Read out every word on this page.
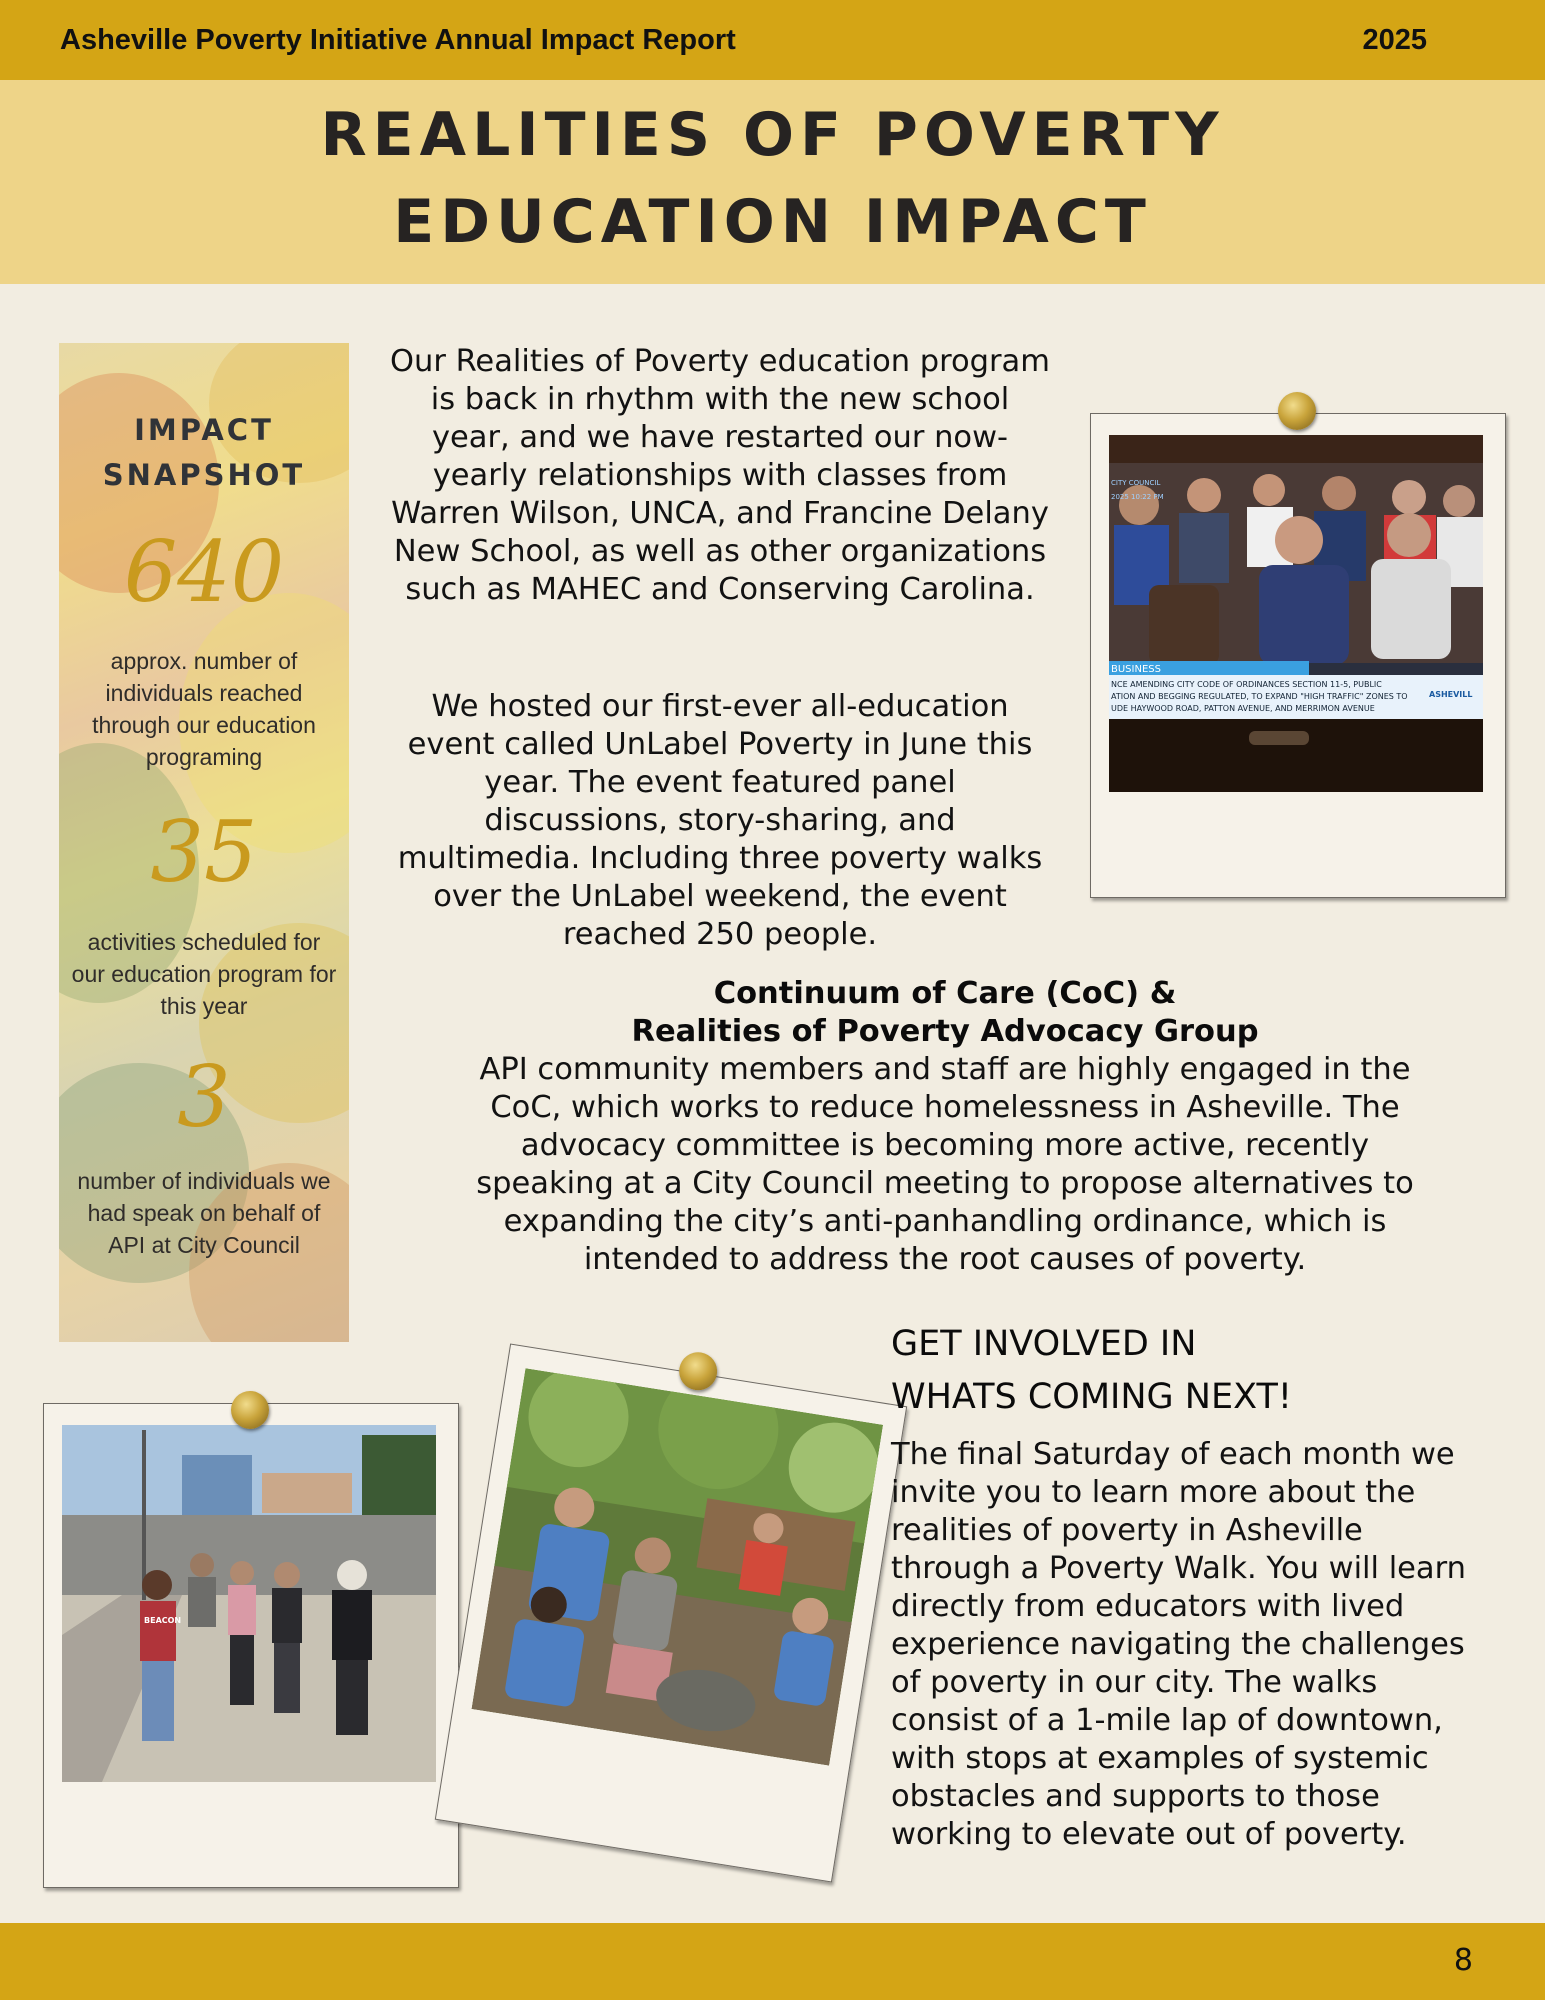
Asheville Poverty Initiative Annual Impact Report	2025
REALITIES OF POVERTY
EDUCATION IMPACT
IMPACT
SNAPSHOT
640
approx. number of individuals reached through our education programing
35
activities scheduled for our education program for this year
3
number of individuals we had speak on behalf of API at City Council
Our Realities of Poverty education program is back in rhythm with the new school year, and we have restarted our now-yearly relationships with classes from Warren Wilson, UNCA, and Francine Delany New School, as well as other organizations such as MAHEC and Conserving Carolina.
We hosted our first-ever all-education event called UnLabel Poverty in June this year. The event featured panel discussions, story-sharing, and multimedia. Including three poverty walks over the UnLabel weekend, the event reached 250 people.
BUSINESS
NCE AMENDING CITY CODE OF ORDINANCES SECTION 11-5, PUBLIC
ATION AND BEGGING REGULATED, TO EXPAND "HIGH TRAFFIC" ZONES TO
UDE HAYWOOD ROAD, PATTON AVENUE, AND MERRIMON AVENUE
ASHEVILL
CITY COUNCIL
2025 10:22 PM
Continuum of Care (CoC) &
Realities of Poverty Advocacy Group
API community members and staff are highly engaged in the CoC, which works to reduce homelessness in Asheville. The advocacy committee is becoming more active, recently speaking at a City Council meeting to propose alternatives to expanding the city’s anti-panhandling ordinance, which is intended to address the root causes of poverty.
BEACON
GET INVOLVED IN
WHATS COMING NEXT!
The final Saturday of each month we invite you to learn more about the realities of poverty in Asheville through a Poverty Walk. You will learn directly from educators with lived experience navigating the challenges of poverty in our city. The walks consist of a 1-mile lap of downtown, with stops at examples of systemic obstacles and supports to those working to elevate out of poverty.
8
